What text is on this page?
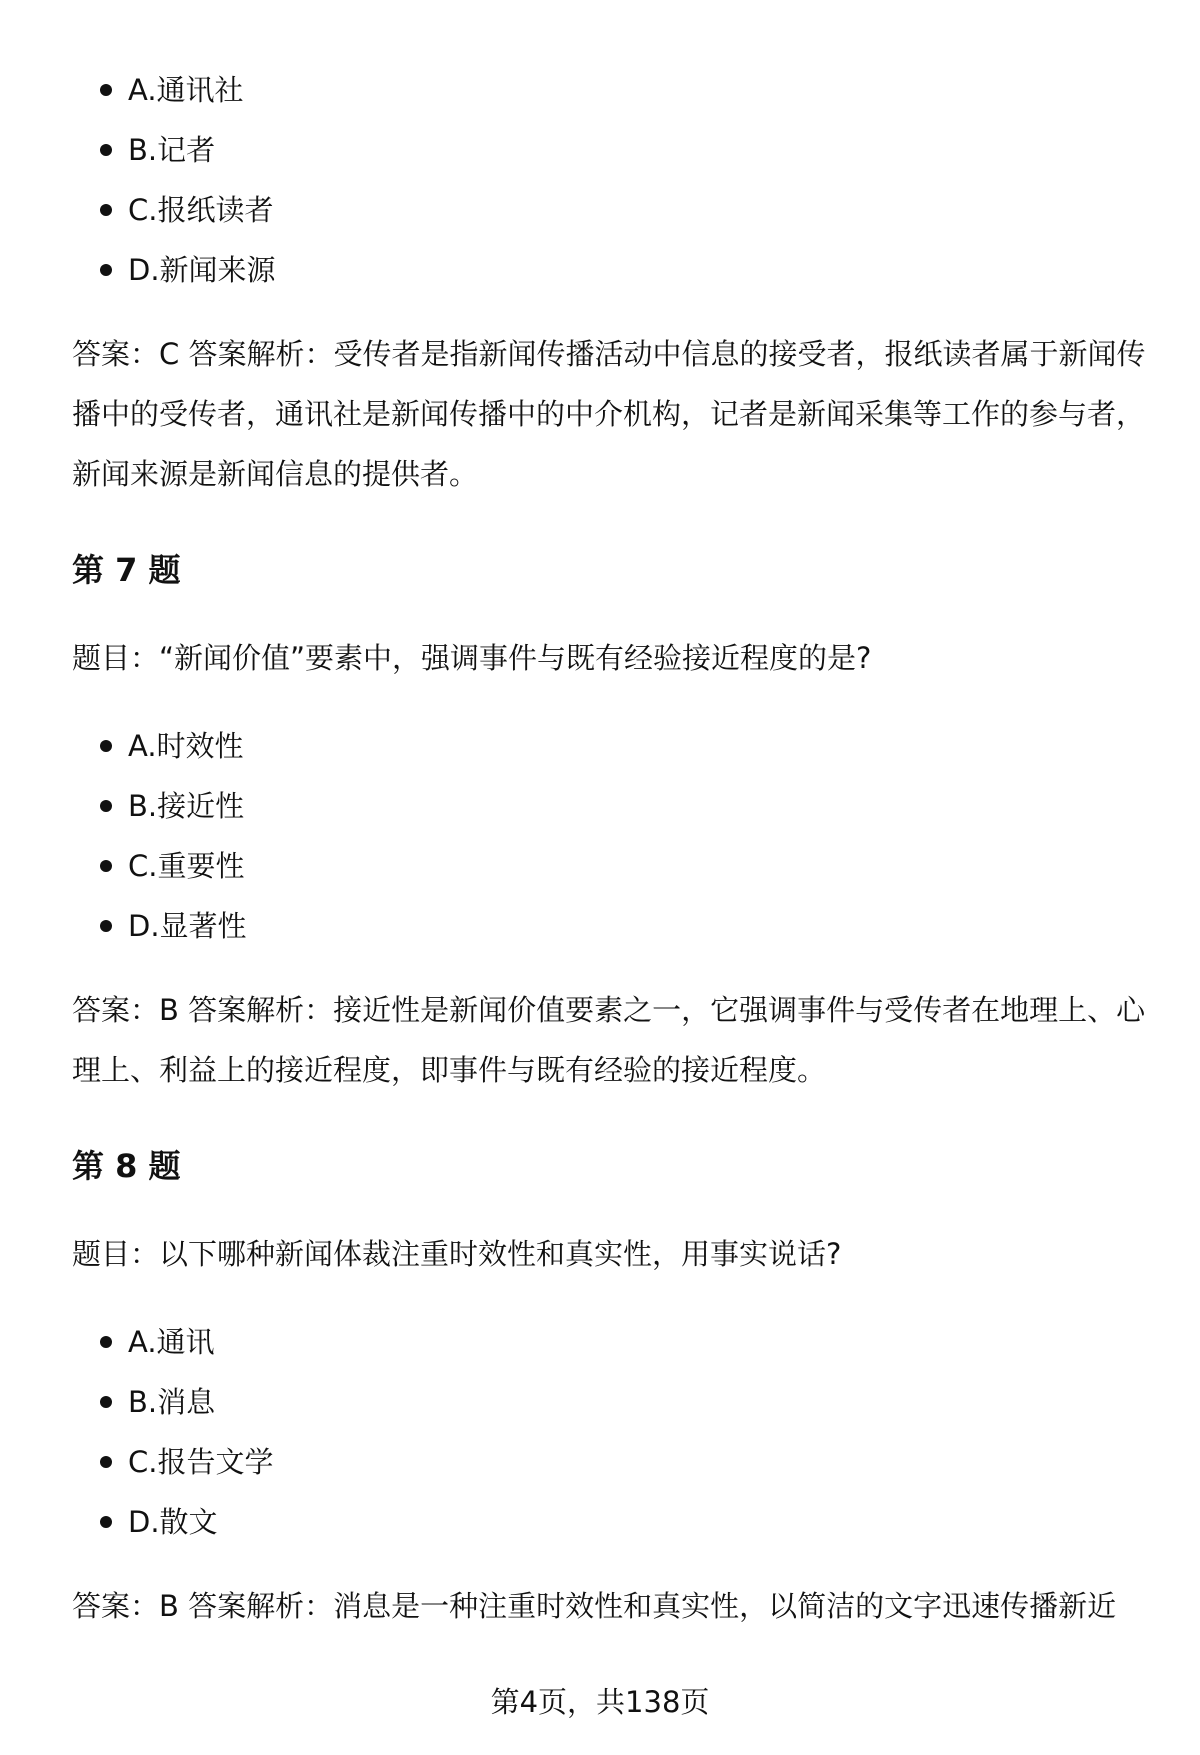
A.通讯社
B.记者
C.报纸读者
D.新闻来源

答案：C 答案解析：受传者是指新闻传播活动中信息的接受者，报纸读者属于新闻传播中的受传者，通讯社是新闻传播中的中介机构，记者是新闻采集等工作的参与者，新闻来源是新闻信息的提供者。

第 7 题

题目：“新闻价值”要素中，强调事件与既有经验接近程度的是?

A.时效性
B.接近性
C.重要性
D.显著性

答案：B 答案解析：接近性是新闻价值要素之一，它强调事件与受传者在地理上、心理上、利益上的接近程度，即事件与既有经验的接近程度。

第 8 题

题目：以下哪种新闻体裁注重时效性和真实性，用事实说话?

A.通讯
B.消息
C.报告文学
D.散文

答案：B 答案解析：消息是一种注重时效性和真实性，以简洁的文字迅速传播新近

第4页，共138页
